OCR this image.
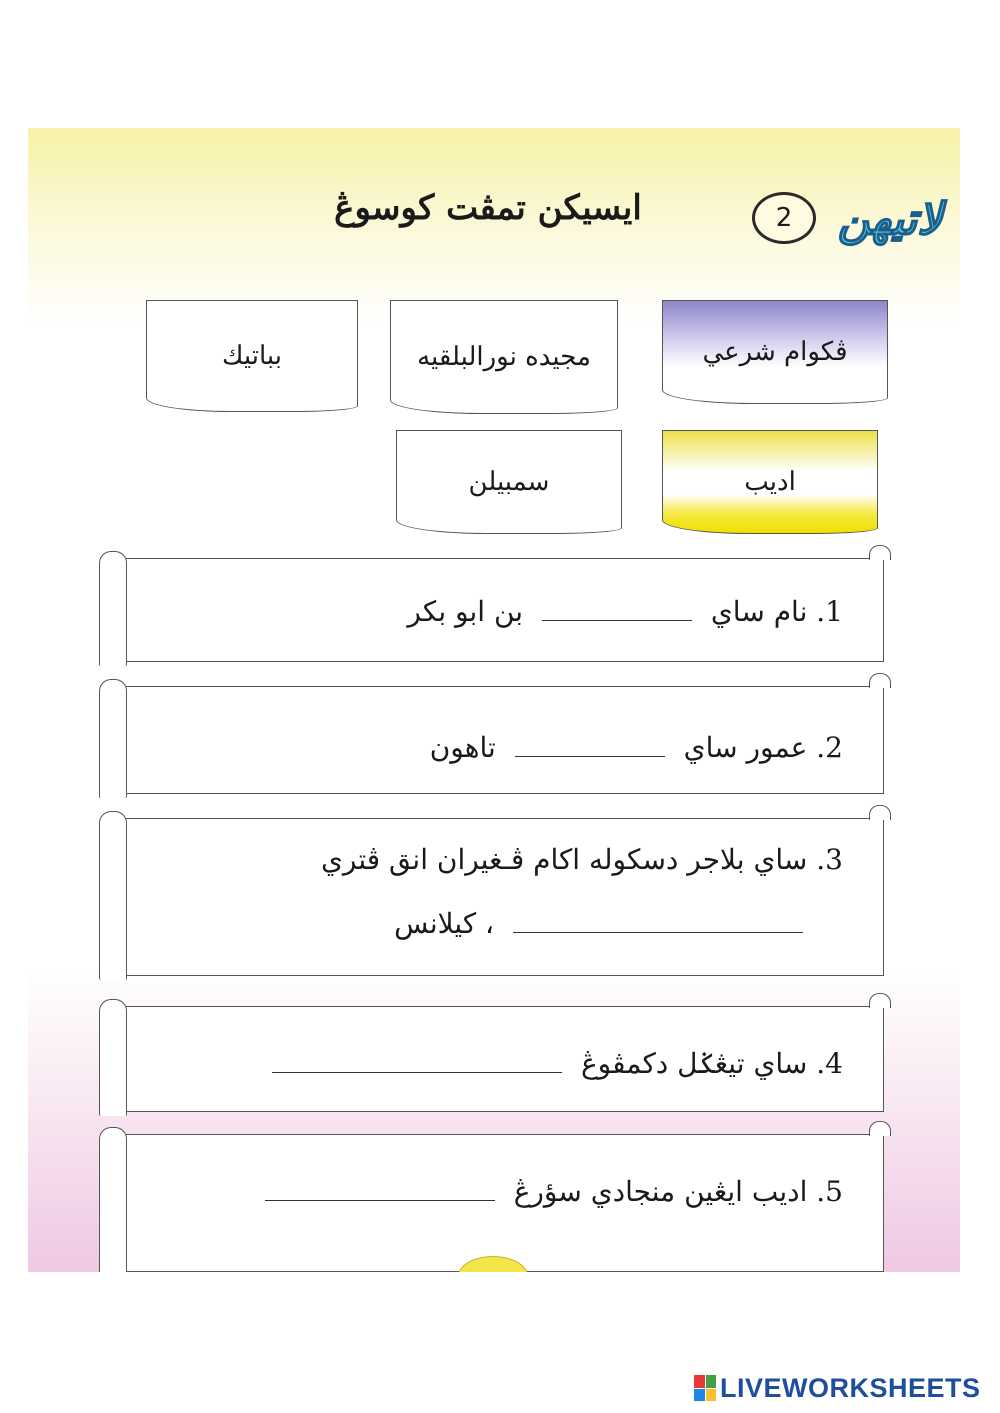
لاتيهن
2
ايسيكن تمڤت كوسوڠ
ڤكوام شرعي
مجيده نورالبلقيه
بباتيك
اديب
سمبيلن
1. نام ساي  بن ابو بكر
2. عمور ساي  تاهون
3. ساي بلاجر دسكوله اکام ڤـغيران انق ڤتري
، كيلانس
4. ساي تيڠݢل دکمڤوڠ
5. اديب ايڠين منجادي سؤرڠ
LIVEWORKSHEETS
